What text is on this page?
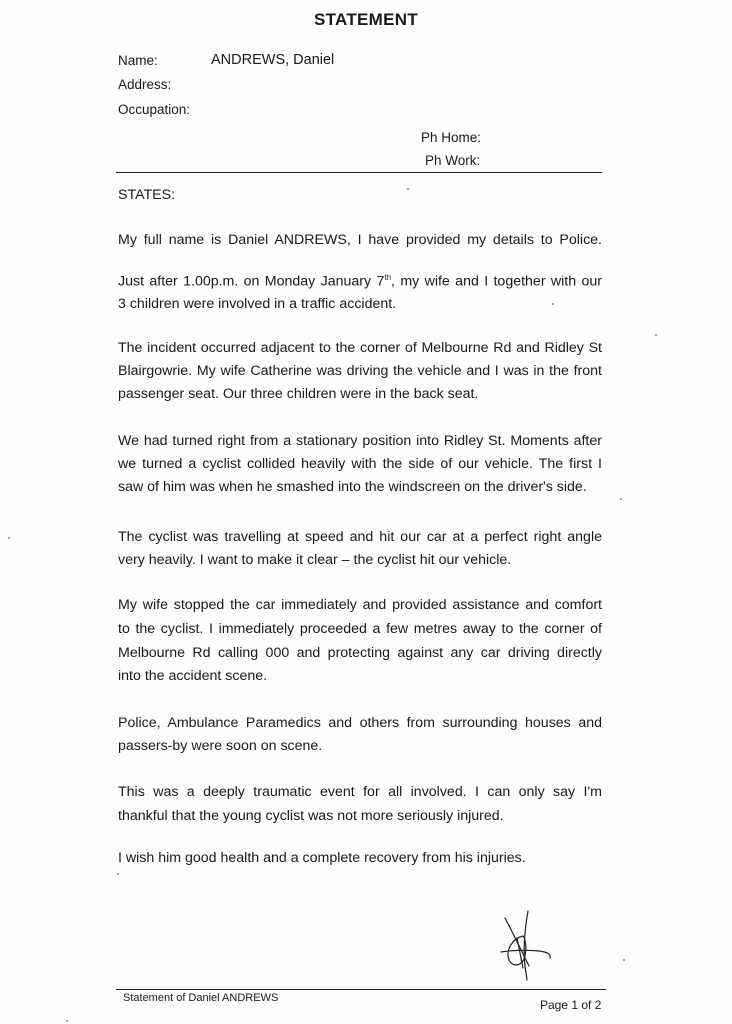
STATEMENT
Name:	ANDREWS, Daniel
Address:
Occupation:
Ph Home:
Ph Work:
STATES:
My full name is Daniel ANDREWS, I have provided my details to Police.
Just after 1.00p.m. on Monday January 7th, my wife and I together with our
3 children were involved in a traffic accident.
The incident occurred adjacent to the corner of Melbourne Rd and Ridley St
Blairgowrie. My wife Catherine was driving the vehicle and I was in the front
passenger seat. Our three children were in the back seat.
We had turned right from a stationary position into Ridley St. Moments after
we turned a cyclist collided heavily with the side of our vehicle. The first I
saw of him was when he smashed into the windscreen on the driver's side.
The cyclist was travelling at speed and hit our car at a perfect right angle
very heavily. I want to make it clear – the cyclist hit our vehicle.
My wife stopped the car immediately and provided assistance and comfort
to the cyclist. I immediately proceeded a few metres away to the corner of
Melbourne Rd calling 000 and protecting against any car driving directly
into the accident scene.
Police, Ambulance Paramedics and others from surrounding houses and
passers-by were soon on scene.
This was a deeply traumatic event for all involved. I can only say I'm
thankful that the young cyclist was not more seriously injured.
I wish him good health and a complete recovery from his injuries.
Statement of Daniel ANDREWS	Page 1 of 2
